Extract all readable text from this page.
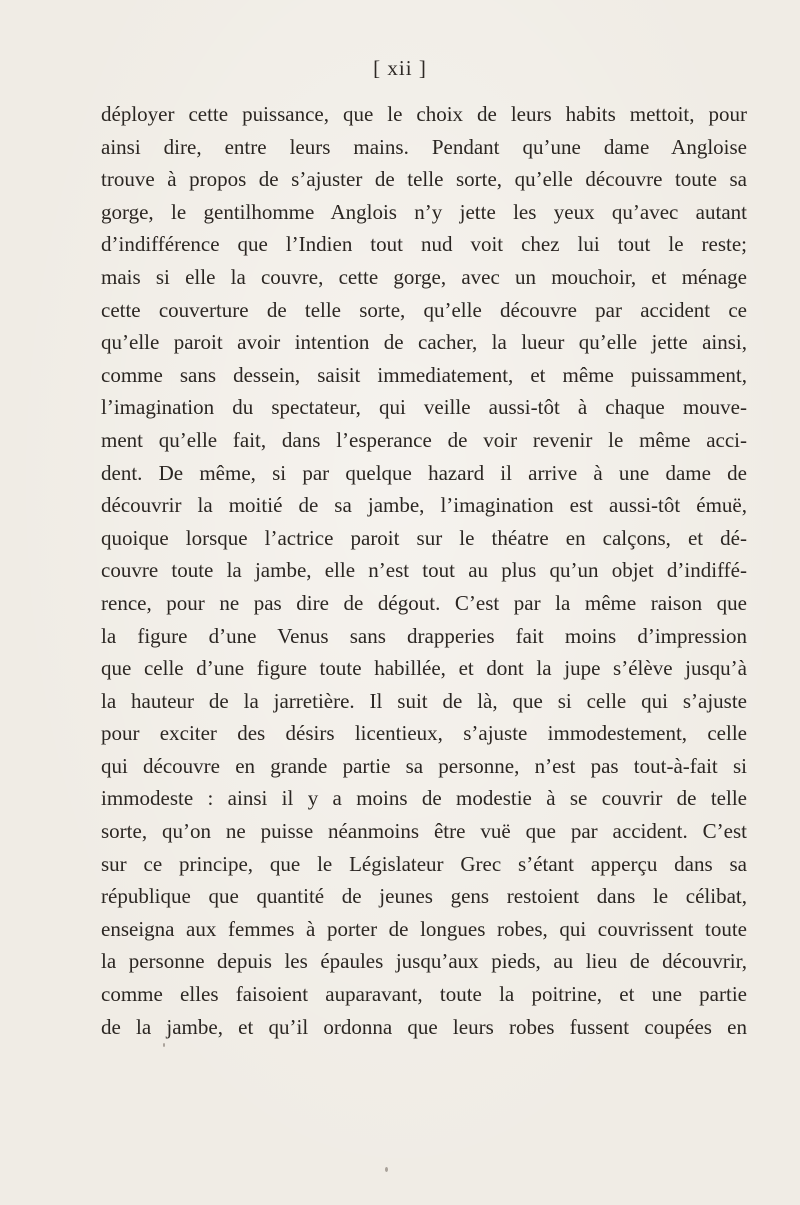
[ xii ]
déployer cette puissance, que le choix de leurs habits mettoit, pour
ainsi dire, entre leurs mains. Pendant qu’une dame Angloise
trouve à propos de s’ajuster de telle sorte, qu’elle découvre toute sa
gorge, le gentilhomme Anglois n’y jette les yeux qu’avec autant
d’indifférence que l’Indien tout nud voit chez lui tout le reste;
mais si elle la couvre, cette gorge, avec un mouchoir, et ménage
cette couverture de telle sorte, qu’elle découvre par accident ce
qu’elle paroit avoir intention de cacher, la lueur qu’elle jette ainsi,
comme sans dessein, saisit immediatement, et même puissamment,
l’imagination du spectateur, qui veille aussi-tôt à chaque mouve-
ment qu’elle fait, dans l’esperance de voir revenir le même acci-
dent. De même, si par quelque hazard il arrive à une dame de
découvrir la moitié de sa jambe, l’imagination est aussi-tôt émuë,
quoique lorsque l’actrice paroit sur le théatre en calçons, et dé-
couvre toute la jambe, elle n’est tout au plus qu’un objet d’indiffé-
rence, pour ne pas dire de dégout. C’est par la même raison que
la figure d’une Venus sans drapperies fait moins d’impression
que celle d’une figure toute habillée, et dont la jupe s’élève jusqu’à
la hauteur de la jarretière. Il suit de là, que si celle qui s’ajuste
pour exciter des désirs licentieux, s’ajuste immodestement, celle
qui découvre en grande partie sa personne, n’est pas tout-à-fait si
immodeste : ainsi il y a moins de modestie à se couvrir de telle
sorte, qu’on ne puisse néanmoins être vuë que par accident. C’est
sur ce principe, que le Législateur Grec s’étant apperçu dans sa
république que quantité de jeunes gens restoient dans le célibat,
enseigna aux femmes à porter de longues robes, qui couvrissent toute
la personne depuis les épaules jusqu’aux pieds, au lieu de découvrir,
comme elles faisoient auparavant, toute la poitrine, et une partie
de la jambe, et qu’il ordonna que leurs robes fussent coupées en
